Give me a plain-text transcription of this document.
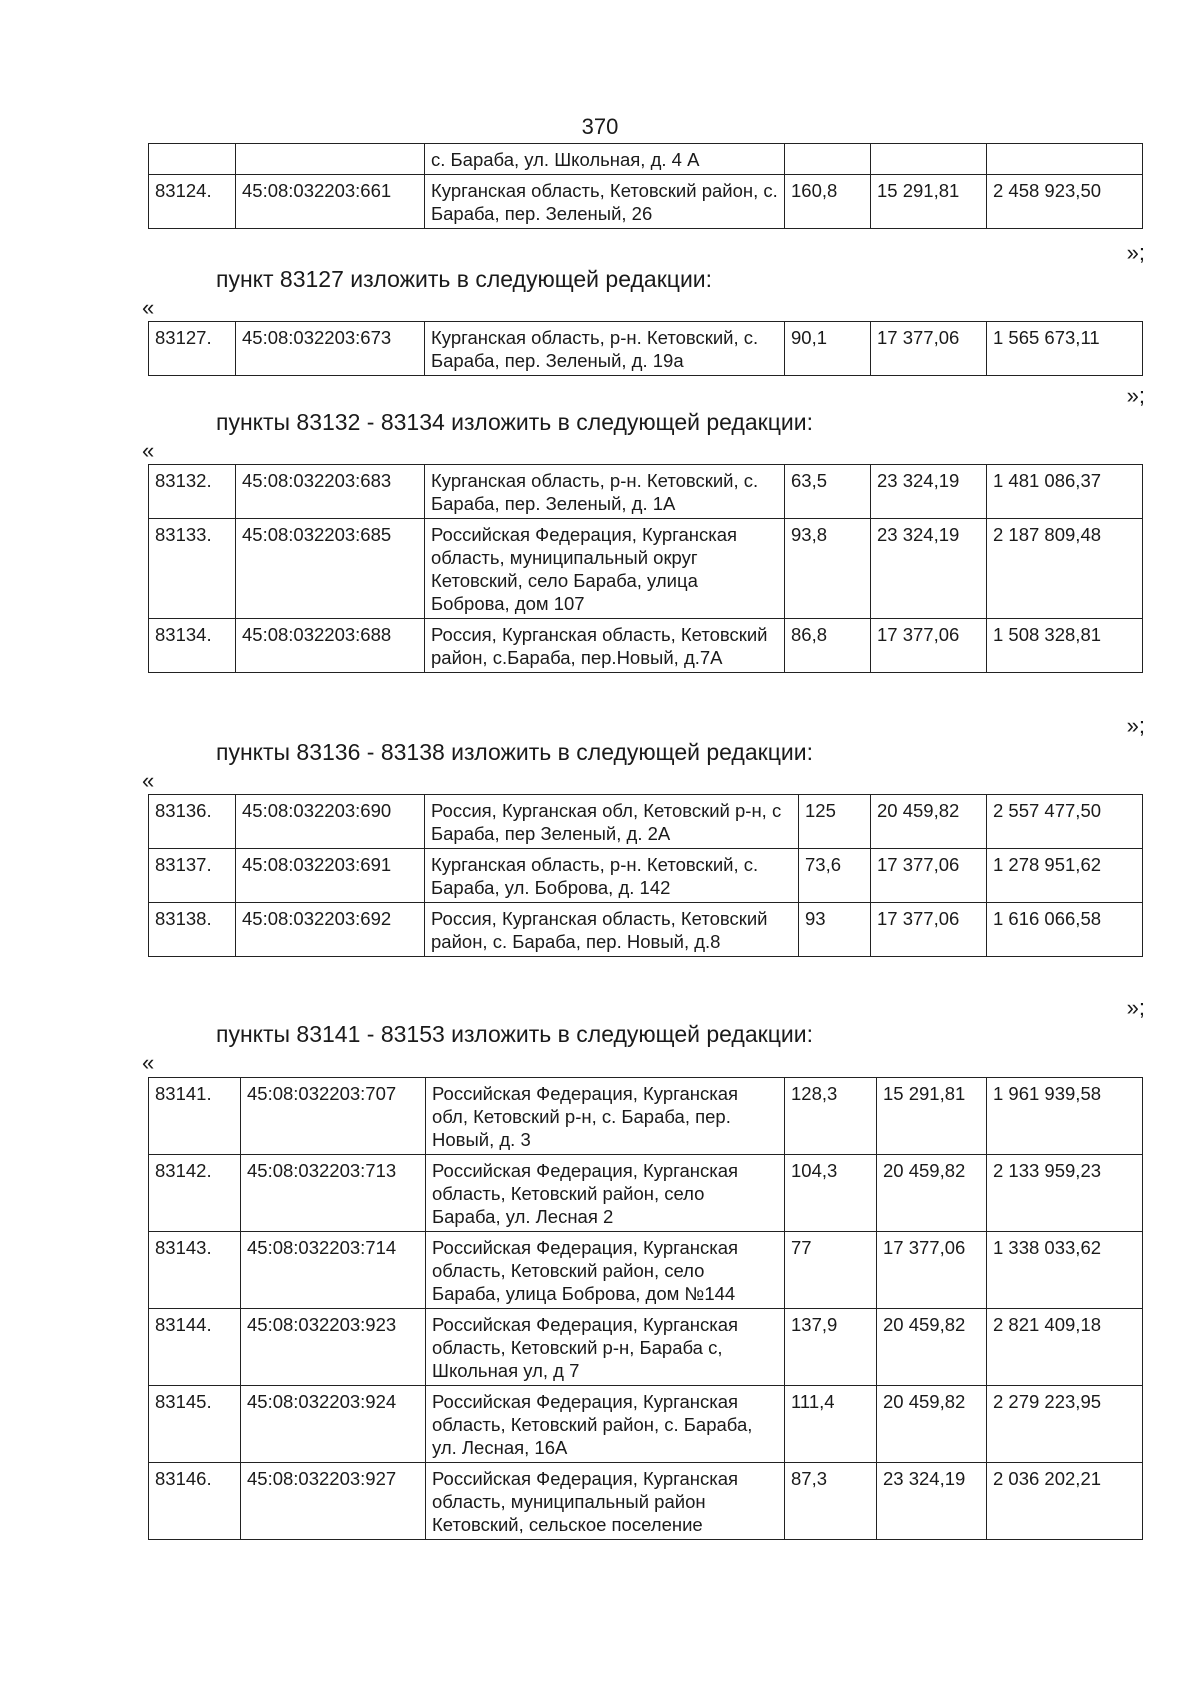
370
		с. Бараба, ул. Школьная, д. 4 А			
83124.	45:08:032203:661	Курганская область, Кетовский район, с. Бараба, пер. Зеленый, 26	160,8	15 291,81	2 458 923,50
»;
пункт 83127 изложить в следующей редакции:
«
83127.	45:08:032203:673	Курганская область, р-н. Кетовский, с. Бараба, пер. Зеленый, д. 19а	90,1	17 377,06	1 565 673,11
»;
пункты 83132 - 83134 изложить в следующей редакции:
«
83132.	45:08:032203:683	Курганская область, р-н. Кетовский, с. Бараба, пер. Зеленый, д. 1А	63,5	23 324,19	1 481 086,37
83133.	45:08:032203:685	Российская Федерация, Курганская область, муниципальный округ Кетовский, село Бараба, улица Боброва, дом 107	93,8	23 324,19	2 187 809,48
83134.	45:08:032203:688	Россия, Курганская область, Кетовский район, с.Бараба, пер.Новый, д.7А	86,8	17 377,06	1 508 328,81
»;
пункты 83136 - 83138 изложить в следующей редакции:
«
83136.	45:08:032203:690	Россия, Курганская обл, Кетовский р-н, с Бараба, пер Зеленый, д. 2А	125	20 459,82	2 557 477,50
83137.	45:08:032203:691	Курганская область, р-н. Кетовский, с. Бараба, ул. Боброва, д. 142	73,6	17 377,06	1 278 951,62
83138.	45:08:032203:692	Россия, Курганская область, Кетовский район, с. Бараба, пер. Новый, д.8	93	17 377,06	1 616 066,58
»;
пункты 83141 - 83153 изложить в следующей редакции:
«
83141.	45:08:032203:707	Российская Федерация, Курганская обл, Кетовский р-н, с. Бараба, пер. Новый, д. 3	128,3	15 291,81	1 961 939,58
83142.	45:08:032203:713	Российская Федерация, Курганская область, Кетовский район, село Бараба, ул. Лесная 2	104,3	20 459,82	2 133 959,23
83143.	45:08:032203:714	Российская Федерация, Курганская область, Кетовский район, село Бараба, улица Боброва, дом №144	77	17 377,06	1 338 033,62
83144.	45:08:032203:923	Российская Федерация, Курганская область, Кетовский р-н, Бараба с, Школьная ул, д 7	137,9	20 459,82	2 821 409,18
83145.	45:08:032203:924	Российская Федерация, Курганская область, Кетовский район, с. Бараба, ул. Лесная, 16А	111,4	20 459,82	2 279 223,95
83146.	45:08:032203:927	Российская Федерация, Курганская область, муниципальный район Кетовский, сельское поселение	87,3	23 324,19	2 036 202,21
